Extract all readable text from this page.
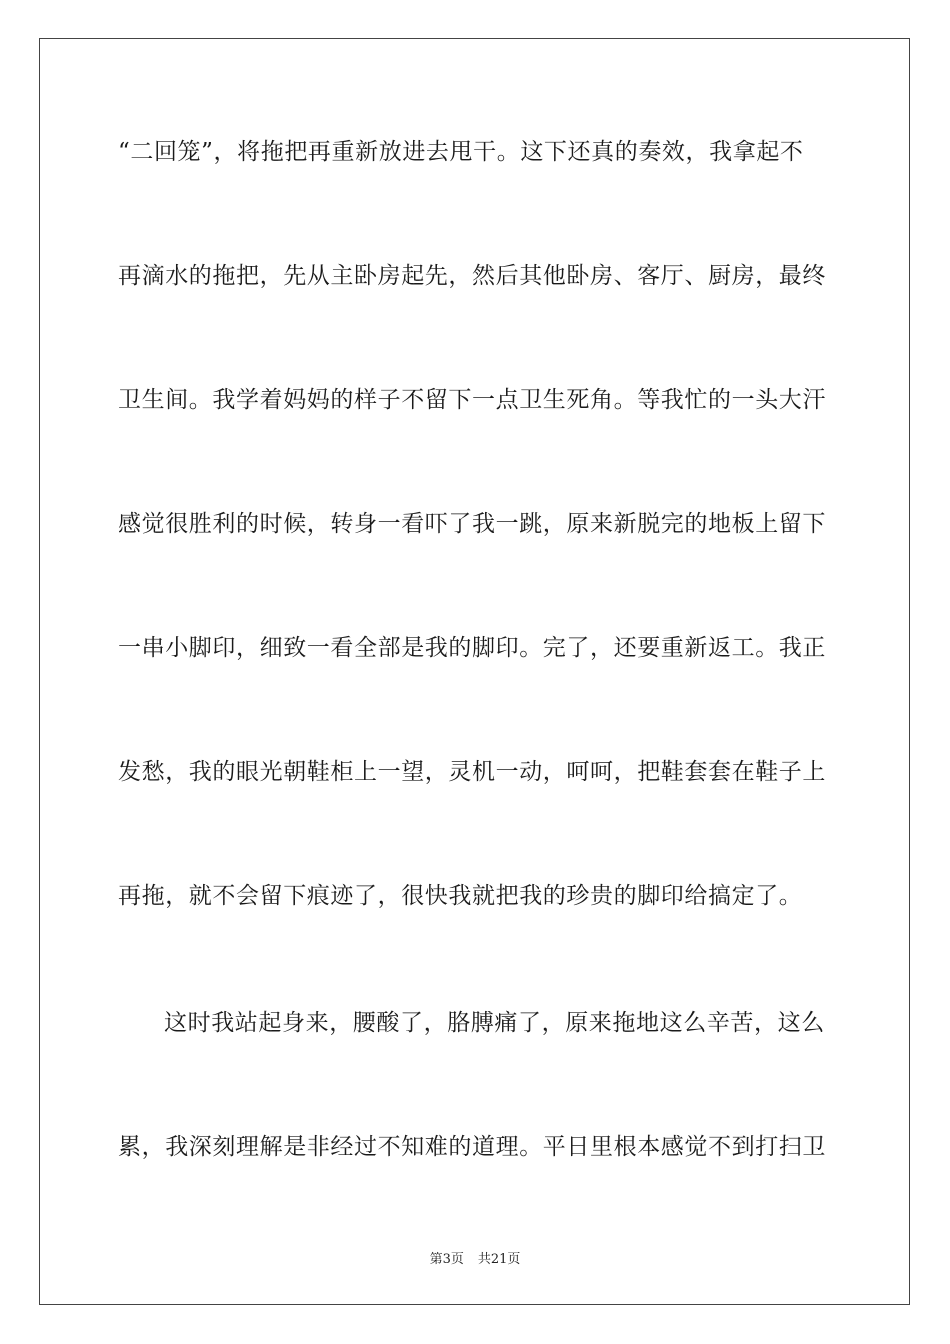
“二回笼”，将拖把再重新放进去甩干。这下还真的奏效，我拿起不
再滴水的拖把，先从主卧房起先，然后其他卧房、客厅、厨房，最终
卫生间。我学着妈妈的样子不留下一点卫生死角。等我忙的一头大汗
感觉很胜利的时候，转身一看吓了我一跳，原来新脱完的地板上留下
一串小脚印，细致一看全部是我的脚印。完了，还要重新返工。我正
发愁，我的眼光朝鞋柜上一望，灵机一动，呵呵，把鞋套套在鞋子上
再拖，就不会留下痕迹了，很快我就把我的珍贵的脚印给搞定了。
这时我站起身来，腰酸了，胳膊痛了，原来拖地这么辛苦，这么
累，我深刻理解是非经过不知难的道理。平日里根本感觉不到打扫卫
第3页 共21页
